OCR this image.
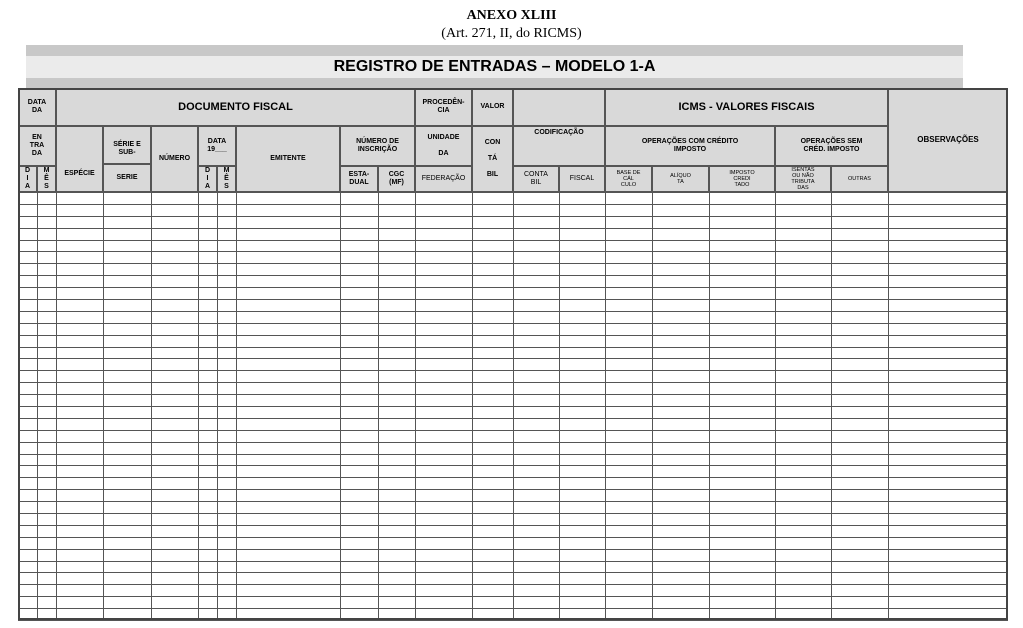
ANEXO XLIII
(Art. 271, II, do RICMS)
REGISTRO DE ENTRADAS – MODELO 1-A
DATA
DA
EN
TRA
DA
D
I
A
M
Ê
S
DOCUMENTO FISCAL
ESPÉCIE
SÉRIE E
SUB-
SERIE
NÚMERO
DATA
19___
D
I
A
M
Ê
S
EMITENTE
NÚMERO DE
INSCRIÇÃO
ESTA-
DUAL
CGC
(MF)
PROCEDÊN-
CIA
UNIDADE

DA
FEDERAÇÃO
VALOR
CON

TÁ

BIL
CODIFICAÇÃO
CONTA
BIL
FISCAL
ICMS - VALORES FISCAIS
OPERAÇÕES COM CRÉDITO
IMPOSTO
OPERAÇÕES SEM
CRÉD. IMPOSTO
BASE DE
CÁL
CULO
ALÍQUO
TA
IMPOSTO
CREDI
TADO
ISENTAS
OU NÃO
TRIBUTA
DAS
OUTRAS
OBSERVAÇÕES
